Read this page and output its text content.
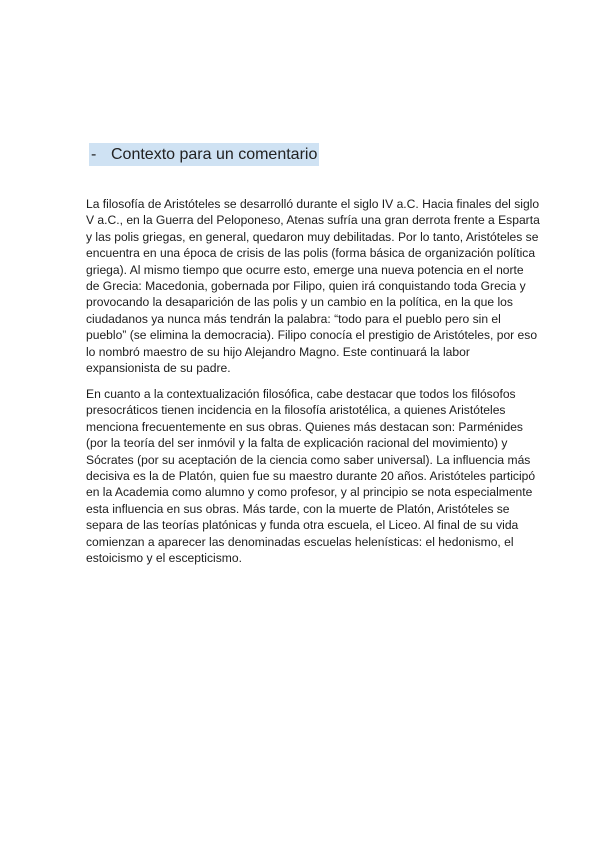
- Contexto para un comentario
La filosofía de Aristóteles se desarrolló durante el siglo IV a.C. Hacia finales del siglo
V a.C., en la Guerra del Peloponeso, Atenas sufría una gran derrota frente a Esparta
y las polis griegas, en general, quedaron muy debilitadas. Por lo tanto, Aristóteles se
encuentra en una época de crisis de las polis (forma básica de organización política
griega). Al mismo tiempo que ocurre esto, emerge una nueva potencia en el norte
de Grecia: Macedonia, gobernada por Filipo, quien irá conquistando toda Grecia y
provocando la desaparición de las polis y un cambio en la política, en la que los
ciudadanos ya nunca más tendrán la palabra: “todo para el pueblo pero sin el
pueblo” (se elimina la democracia). Filipo conocía el prestigio de Aristóteles, por eso
lo nombró maestro de su hijo Alejandro Magno. Este continuará la labor
expansionista de su padre.
En cuanto a la contextualización filosófica, cabe destacar que todos los filósofos
presocráticos tienen incidencia en la filosofía aristotélica, a quienes Aristóteles
menciona frecuentemente en sus obras. Quienes más destacan son: Parménides
(por la teoría del ser inmóvil y la falta de explicación racional del movimiento) y
Sócrates (por su aceptación de la ciencia como saber universal). La influencia más
decisiva es la de Platón, quien fue su maestro durante 20 años. Aristóteles participó
en la Academia como alumno y como profesor, y al principio se nota especialmente
esta influencia en sus obras. Más tarde, con la muerte de Platón, Aristóteles se
separa de las teorías platónicas y funda otra escuela, el Liceo. Al final de su vida
comienzan a aparecer las denominadas escuelas helenísticas: el hedonismo, el
estoicismo y el escepticismo.
